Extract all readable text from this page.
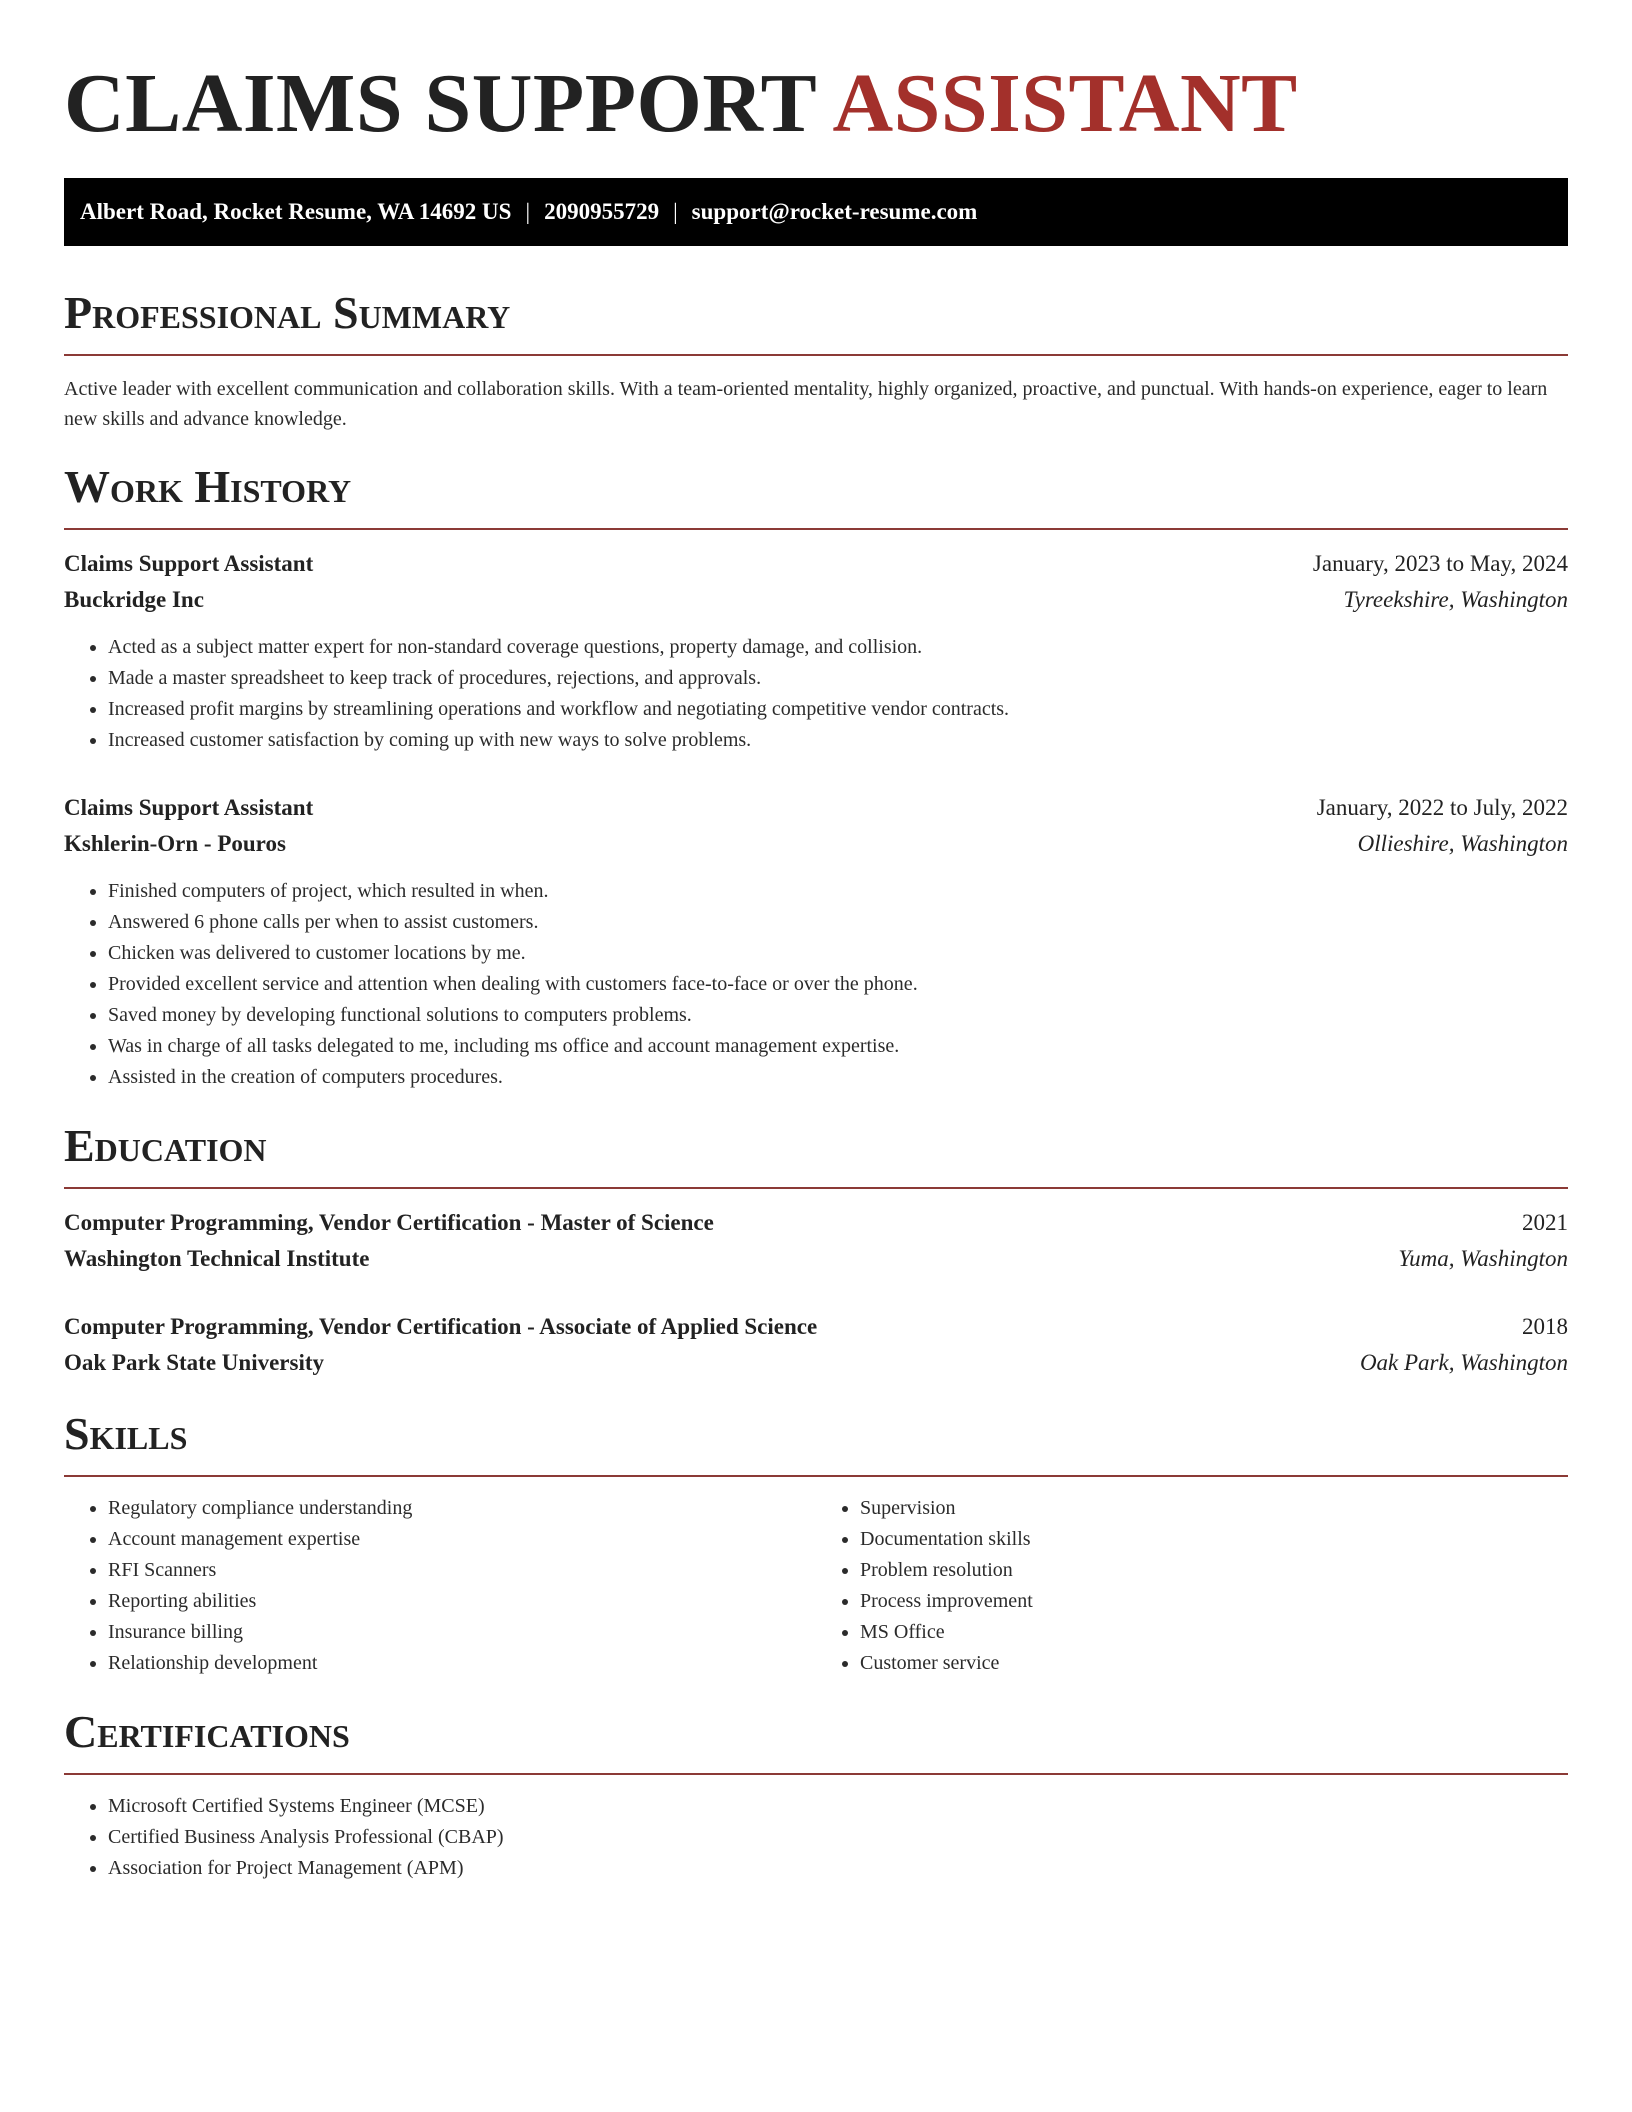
CLAIMS SUPPORT ASSISTANT
Albert Road, Rocket Resume, WA 14692 US | 2090955729 | support@rocket-resume.com
Professional Summary

Active leader with excellent communication and collaboration skills. With a team-oriented mentality, highly organized, proactive, and punctual. With hands-on experience, eager to learn new skills and advance knowledge.

Work History
Claims Support Assistant	January, 2023 to May, 2024
Buckridge Inc	Tyreekshire, Washington
• Acted as a subject matter expert for non-standard coverage questions, property damage, and collision.
• Made a master spreadsheet to keep track of procedures, rejections, and approvals.
• Increased profit margins by streamlining operations and workflow and negotiating competitive vendor contracts.
• Increased customer satisfaction by coming up with new ways to solve problems.
Claims Support Assistant	January, 2022 to July, 2022
Kshlerin-Orn - Pouros	Ollieshire, Washington
• Finished computers of project, which resulted in when.
• Answered 6 phone calls per when to assist customers.
• Chicken was delivered to customer locations by me.
• Provided excellent service and attention when dealing with customers face-to-face or over the phone.
• Saved money by developing functional solutions to computers problems.
• Was in charge of all tasks delegated to me, including ms office and account management expertise.
• Assisted in the creation of computers procedures.
Education
Computer Programming, Vendor Certification - Master of Science	2021
Washington Technical Institute	Yuma, Washington
Computer Programming, Vendor Certification - Associate of Applied Science	2018
Oak Park State University	Oak Park, Washington
Skills
• Regulatory compliance understanding
• Account management expertise
• RFI Scanners
• Reporting abilities
• Insurance billing
• Relationship development
• Supervision
• Documentation skills
• Problem resolution
• Process improvement
• MS Office
• Customer service
Certifications
• Microsoft Certified Systems Engineer (MCSE)
• Certified Business Analysis Professional (CBAP)
• Association for Project Management (APM)
